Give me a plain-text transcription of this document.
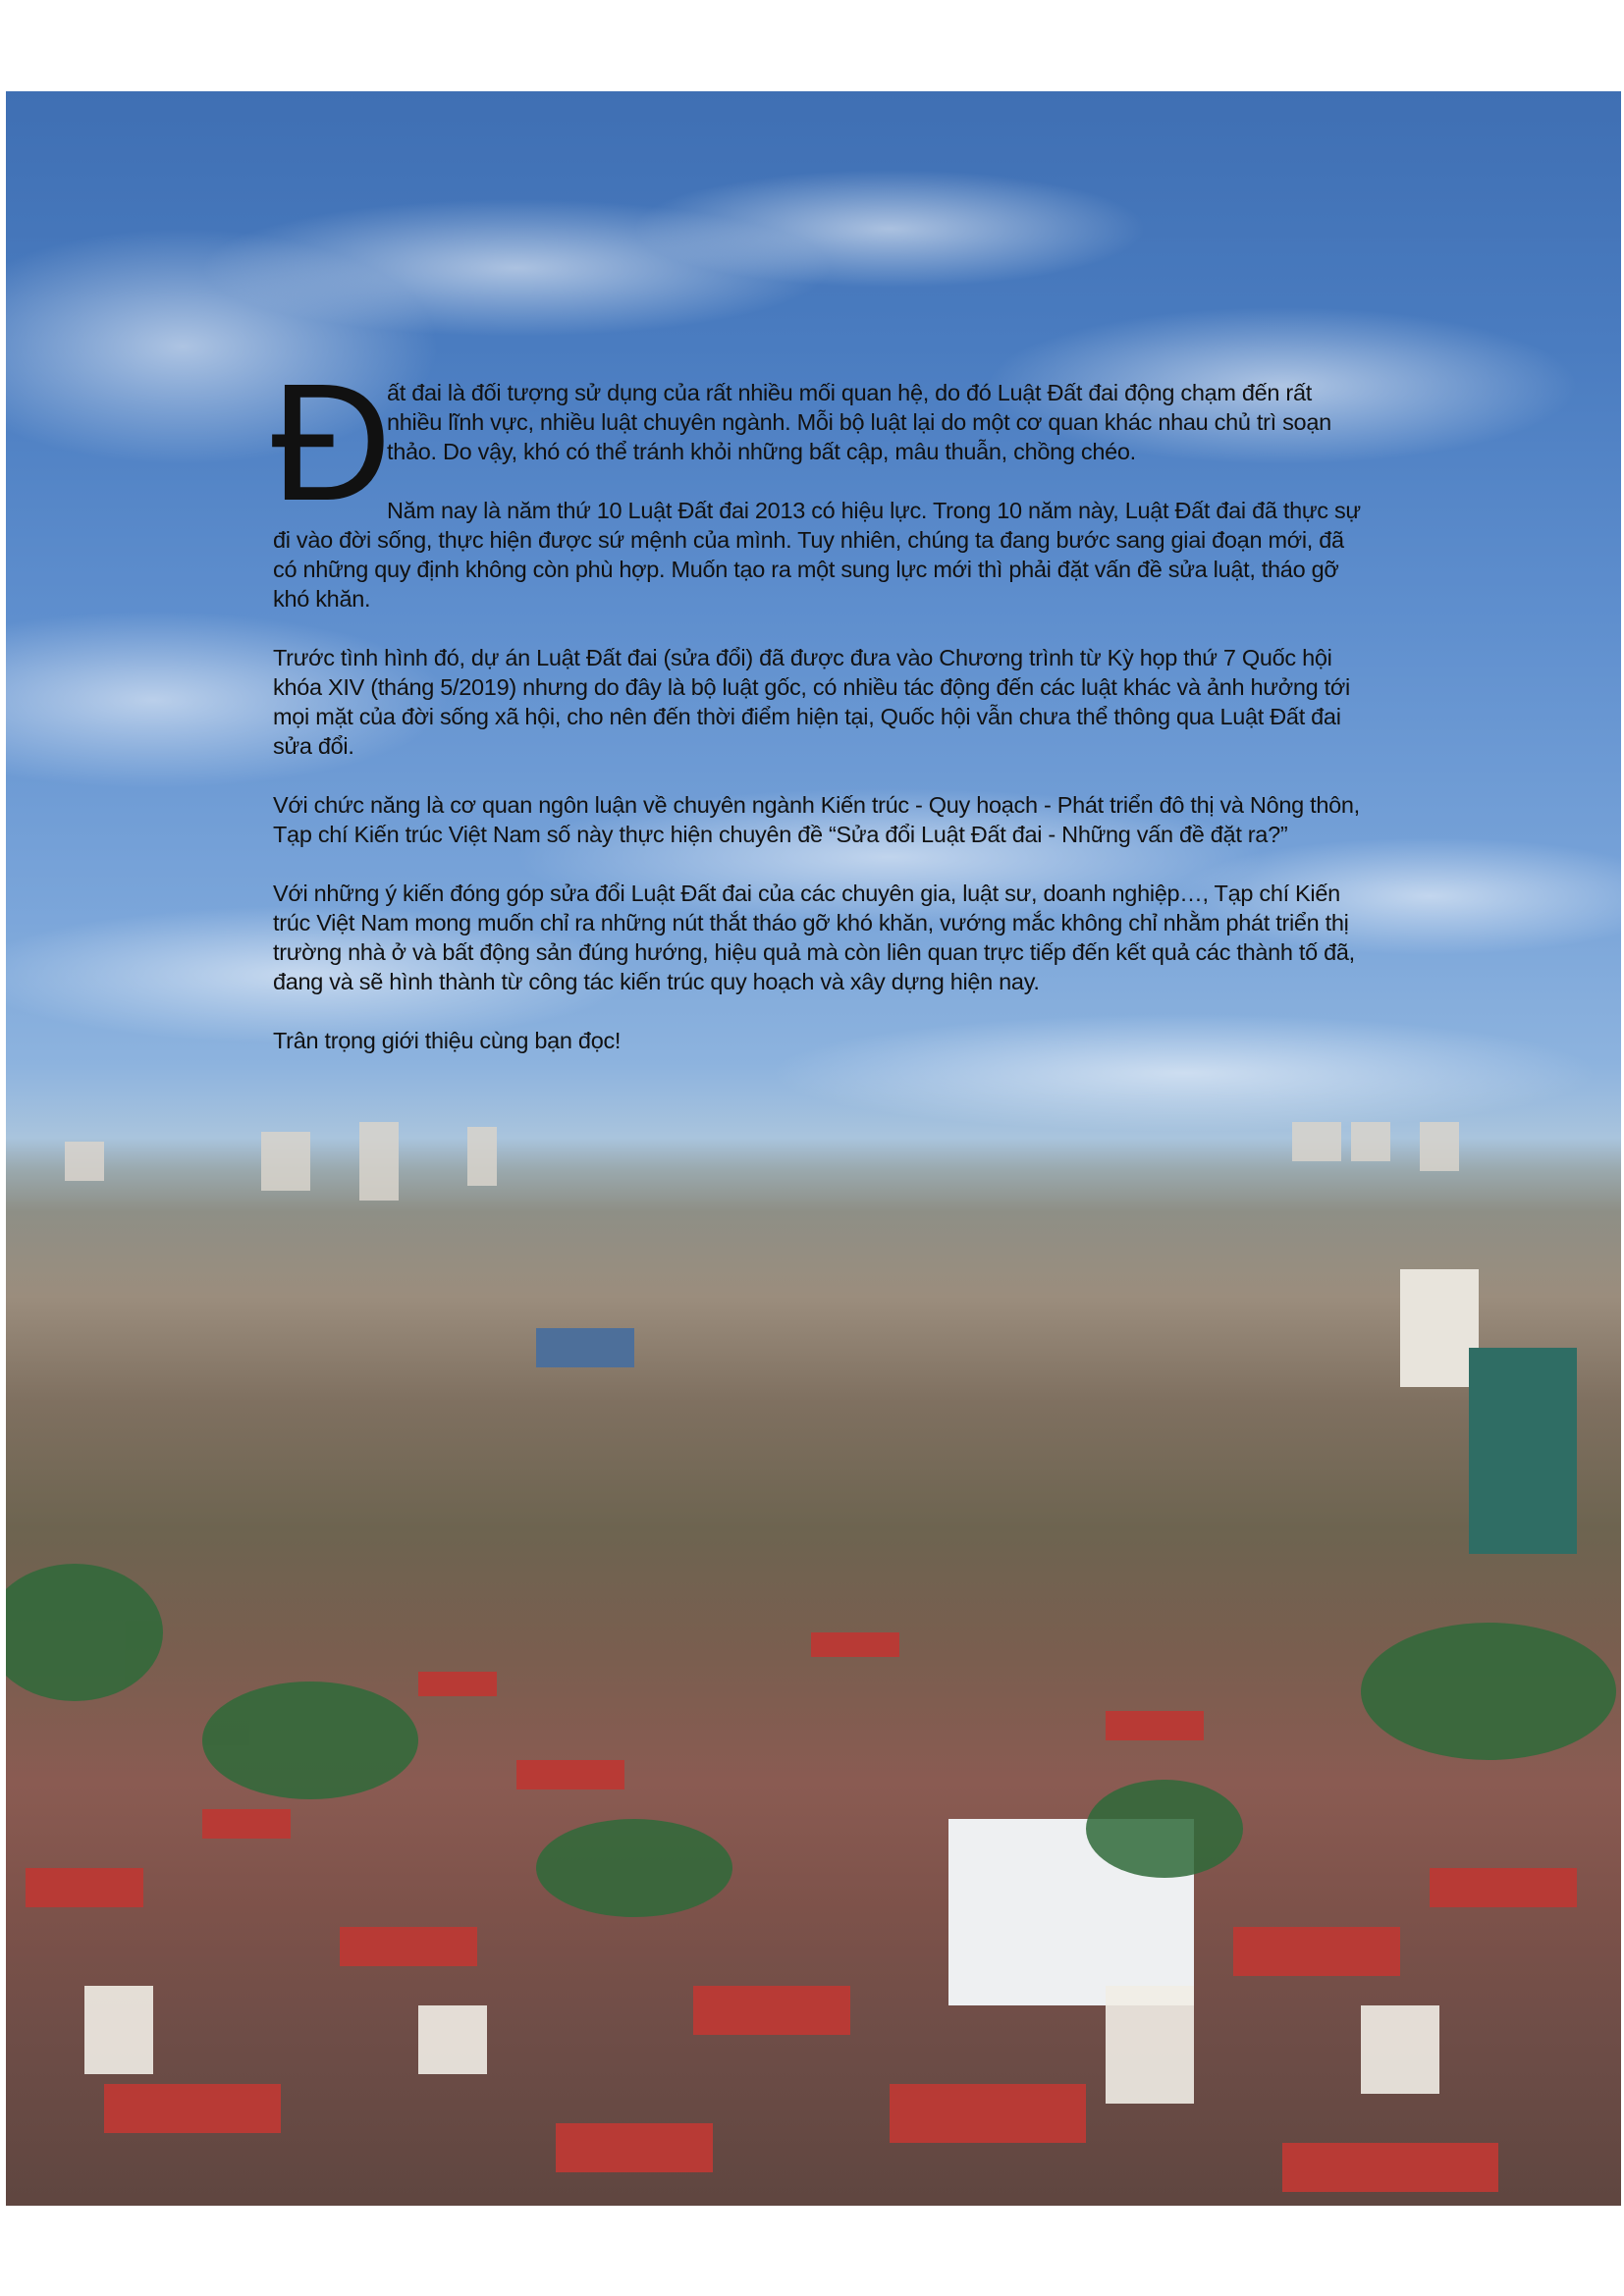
Đ

ất đai là đối tượng sử dụng của rất nhiều mối quan hệ, do đó Luật Đất đai động chạm đến rất nhiều lĩnh vực, nhiều luật chuyên ngành. Mỗi bộ luật lại do một cơ quan khác nhau chủ trì soạn thảo. Do vậy, khó có thể tránh khỏi những bất cập, mâu thuẫn, chồng chéo.

Năm nay là năm thứ 10 Luật Đất đai 2013 có hiệu lực. Trong 10 năm này, Luật Đất đai đã thực sự đi vào đời sống, thực hiện được sứ mệnh của mình. Tuy nhiên, chúng ta đang bước sang giai đoạn mới, đã có những quy định không còn phù hợp. Muốn tạo ra một sung lực mới thì phải đặt vấn đề sửa luật, tháo gỡ khó khăn.

Trước tình hình đó, dự án Luật Đất đai (sửa đổi) đã được đưa vào Chương trình từ Kỳ họp thứ 7 Quốc hội khóa XIV (tháng 5/2019) nhưng do đây là bộ luật gốc, có nhiều tác động đến các luật khác và ảnh hưởng tới mọi mặt của đời sống xã hội, cho nên đến thời điểm hiện tại, Quốc hội vẫn chưa thể thông qua Luật Đất đai sửa đổi.

Với chức năng là cơ quan ngôn luận về chuyên ngành Kiến trúc - Quy hoạch - Phát triển đô thị và Nông thôn, Tạp chí Kiến trúc Việt Nam số này thực hiện chuyên đề “Sửa đổi Luật Đất đai - Những vấn đề đặt ra?”

Với những ý kiến đóng góp sửa đổi Luật Đất đai của các chuyên gia, luật sư, doanh nghiệp…, Tạp chí Kiến trúc Việt Nam mong muốn chỉ ra những nút thắt tháo gỡ khó khăn, vướng mắc không chỉ nhằm phát triển thị trường nhà ở và bất động sản đúng hướng, hiệu quả mà còn liên quan trực tiếp đến kết quả các thành tố đã, đang và sẽ hình thành từ công tác kiến trúc quy hoạch và xây dựng hiện nay.

Trân trọng giới thiệu cùng bạn đọc!
